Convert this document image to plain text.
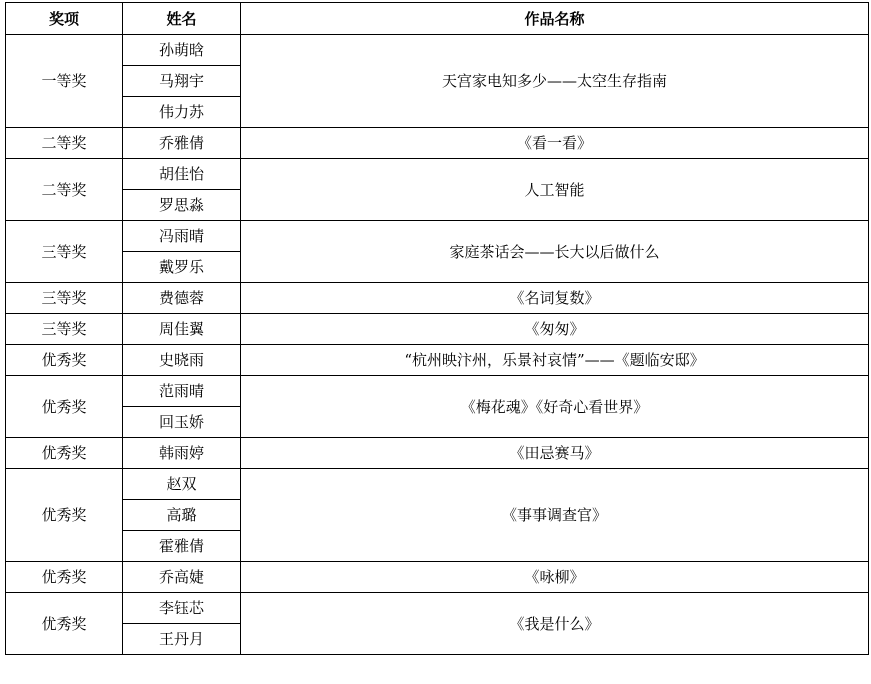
奖项	姓名	作品名称
一等奖	孙萌晗	天宫家电知多少——太空生存指南
	马翔宇	
	伟力苏	
二等奖	乔雅倩	《看一看》
二等奖	胡佳怡	人工智能
	罗思淼	
三等奖	冯雨晴	家庭茶话会——长大以后做什么
	戴罗乐	
三等奖	费德蓉	《名词复数》
三等奖	周佳翼	《匆匆》
优秀奖	史晓雨	“杭州映汴州，乐景衬哀情”——《题临安邸》
优秀奖	范雨晴	《梅花魂》《好奇心看世界》
	回玉娇	
优秀奖	韩雨婷	《田忌赛马》
优秀奖	赵双	《事事调查官》
	高璐	
	霍雅倩	
优秀奖	乔高婕	《咏柳》
优秀奖	李钰芯	《我是什么》
	王丹月	
